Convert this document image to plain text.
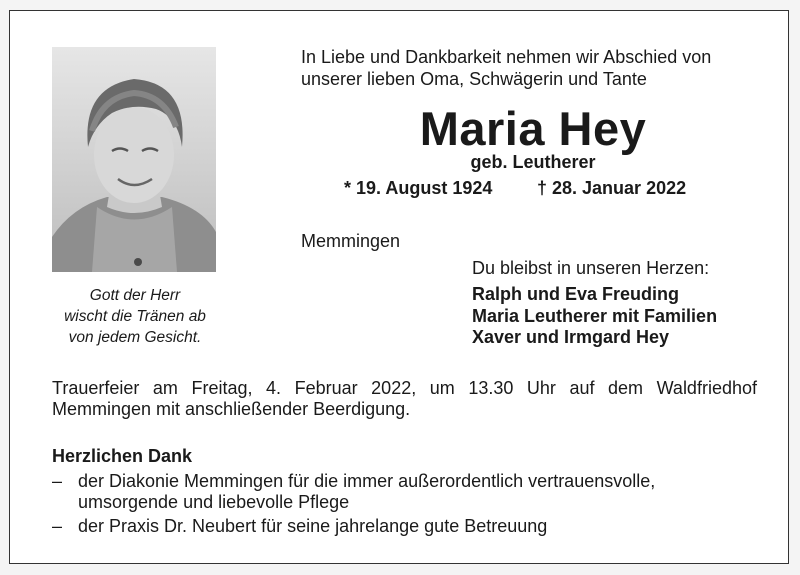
Gott der Herr
wischt die Tränen ab
von jedem Gesicht.
In Liebe und Dankbarkeit nehmen wir Abschied von
unserer lieben Oma, Schwägerin und Tante
Maria Hey
geb. Leutherer
* 19. August 1924 † 28. Januar 2022
Memmingen
Du bleibst in unseren Herzen:
Ralph und Eva Freuding
Maria Leutherer mit Familien
Xaver und Irmgard Hey
Trauerfeier am Freitag, 4. Februar 2022, um 13.30 Uhr auf dem Waldfriedhof Memmingen mit anschließender Beerdigung.
Herzlichen Dank
– der Diakonie Memmingen für die immer außerordentlich vertrauensvolle, umsorgende und liebevolle Pflege
– der Praxis Dr. Neubert für seine jahrelange gute Betreuung
